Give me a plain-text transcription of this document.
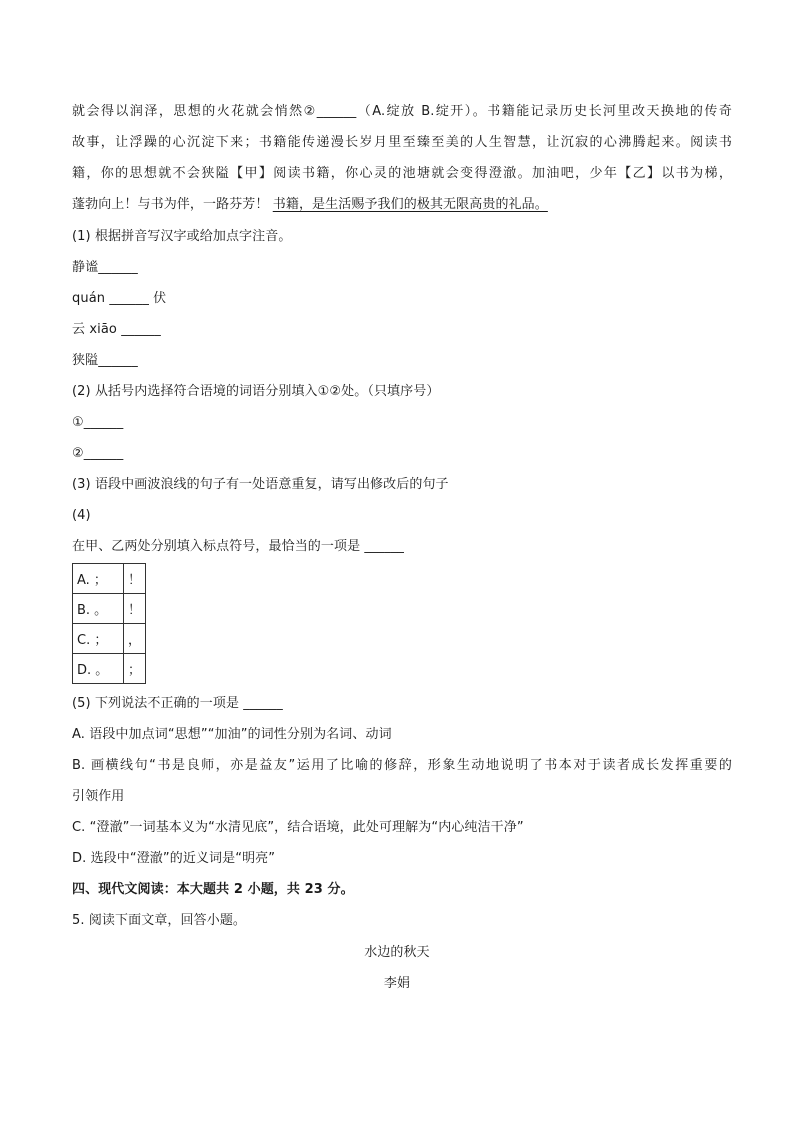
就会得以润泽，思想的火花就会悄然②______（A.绽放 B.绽开）。书籍能记录历史长河里改天换地的传奇
故事，让浮躁的心沉淀下来；书籍能传递漫长岁月里至臻至美的人生智慧，让沉寂的心沸腾起来。阅读书
籍，你的思想就不会狭隘【甲】阅读书籍，你心灵的池塘就会变得澄澈。加油吧，少年【乙】以书为梯，
蓬勃向上！与书为伴，一路芬芳！ 书籍，是生活赐予我们的极其无限高贵的礼品。
(1) 根据拼音写汉字或给加点字注音。
静谧______
quán ______ 伏
云 xiāo ______
狭隘______
(2) 从括号内选择符合语境的词语分别填入①②处。（只填序号）
①______
②______
(3) 语段中画波浪线的句子有一处语意重复，请写出修改后的句子
(4)
在甲、乙两处分别填入标点符号，最恰当的一项是 ______
A. ；	！
B. 。	！
C. ；	，
D. 。	；
(5) 下列说法不正确的一项是 ______
A. 语段中加点词“思想”“加油”的词性分别为名词、动词
B. 画横线句“书是良师，亦是益友”运用了比喻的修辞，形象生动地说明了书本对于读者成长发挥重要的
引领作用
C. “澄澈”一词基本义为“水清见底”，结合语境，此处可理解为“内心纯洁干净”
D. 选段中“澄澈”的近义词是“明亮”
四、现代文阅读：本大题共 2 小题，共 23 分。
5. 阅读下面文章，回答小题。
水边的秋天
李娟
